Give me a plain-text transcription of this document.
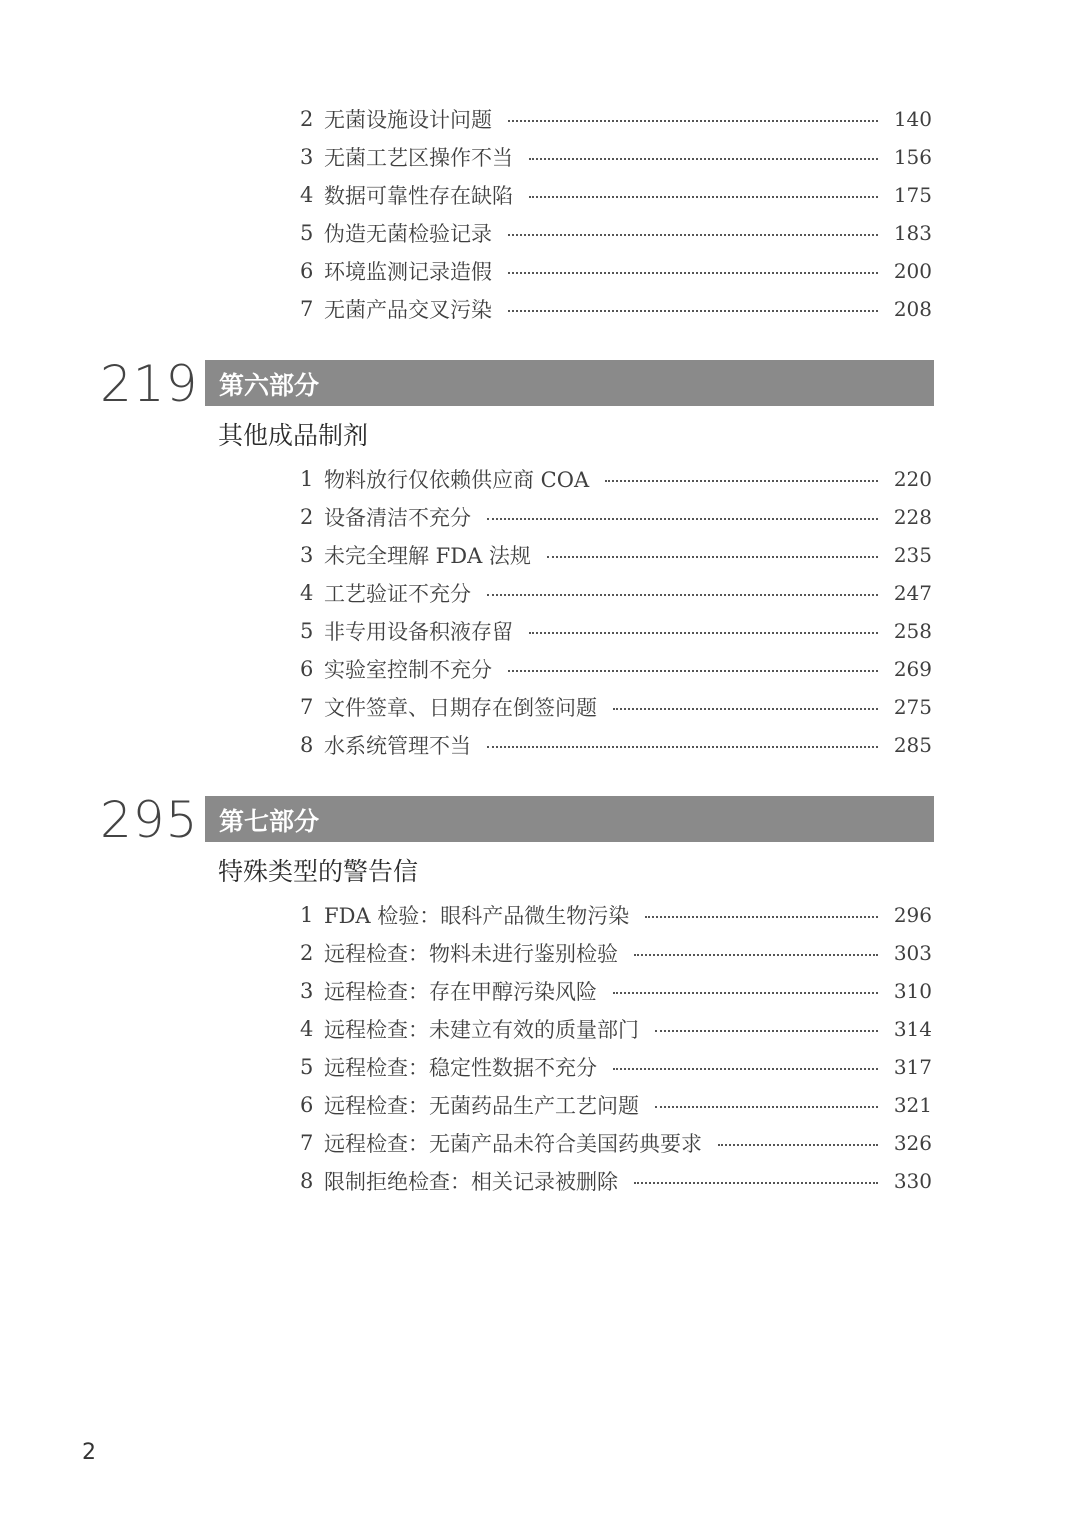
2 无菌设施设计问题	140
3 无菌工艺区操作不当	156
4 数据可靠性存在缺陷	175
5 伪造无菌检验记录	183
6 环境监测记录造假	200
7 无菌产品交叉污染	208
219 第六部分
其他成品制剂
1 物料放行仅依赖供应商 COA	220
2 设备清洁不充分	228
3 未完全理解 FDA 法规	235
4 工艺验证不充分	247
5 非专用设备积液存留	258
6 实验室控制不充分	269
7 文件签章、日期存在倒签问题	275
8 水系统管理不当	285
295 第七部分
特殊类型的警告信
1 FDA 检验：眼科产品微生物污染	296
2 远程检查：物料未进行鉴别检验	303
3 远程检查：存在甲醇污染风险	310
4 远程检查：未建立有效的质量部门	314
5 远程检查：稳定性数据不充分	317
6 远程检查：无菌药品生产工艺问题	321
7 远程检查：无菌产品未符合美国药典要求	326
8 限制拒绝检查：相关记录被删除	330
2
